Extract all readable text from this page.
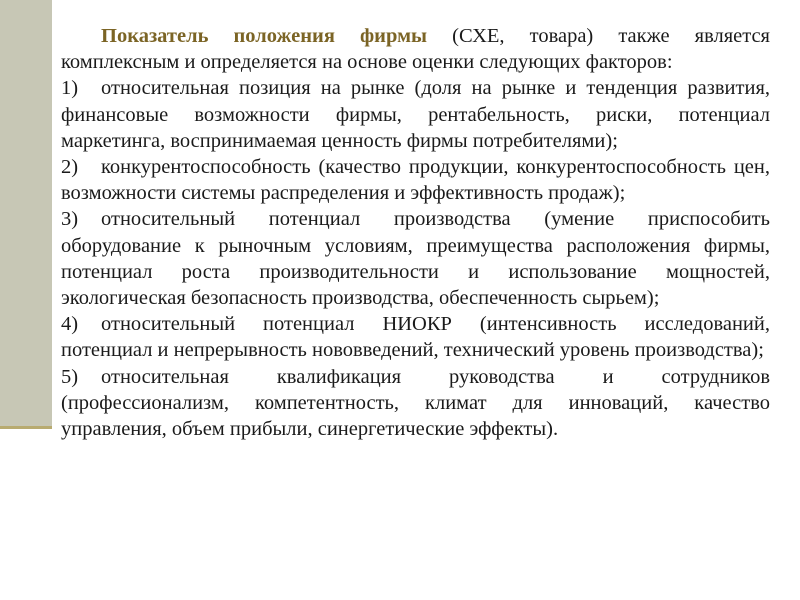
Показатель положения фирмы (СХЕ, товара) также является комплексным и определяется на основе оценки следующих факторов:

1) относительная позиция на рынке (доля на рынке и тенденция развития, финансовые возможности фирмы, рентабельность, риски, потенциал маркетинга, воспринимаемая ценность фирмы потребителями);

2) конкурентоспособность (качество продукции, конкурентоспособность цен, возможности системы распределения и эффективность продаж);

3) относительный потенциал производства (умение приспособить оборудование к рыночным условиям, преимущества расположения фирмы, потенциал роста производительности и использование мощностей, экологическая безопасность производства, обеспеченность сырьем);

4) относительный потенциал НИОКР (интенсивность исследований, потенциал и непрерывность нововведений, технический уровень производства);

5) относительная квалификация руководства и сотрудников (профессионализм, компетентность, климат для инноваций, качество управления, объем прибыли, синергетические эффекты).
